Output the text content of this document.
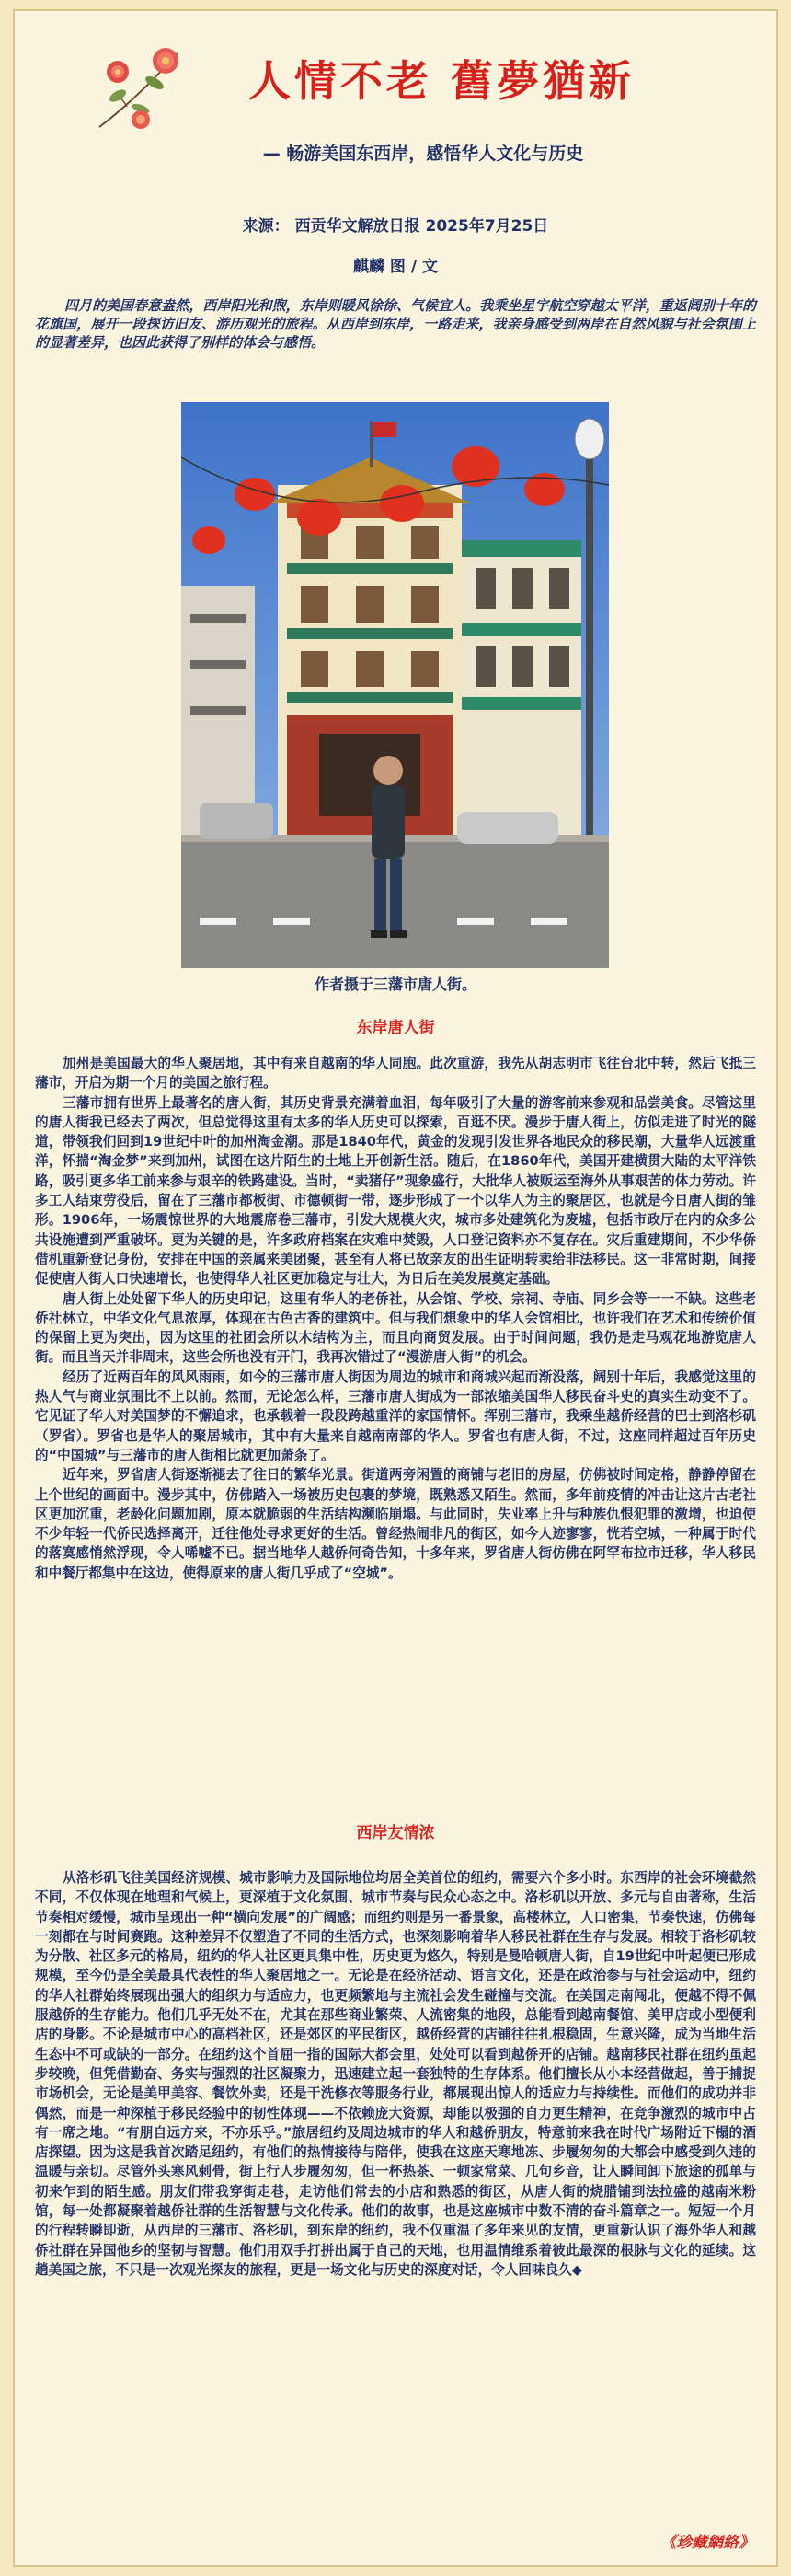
人情不老 舊夢猶新
— 畅游美国东西岸，感悟华人文化与历史
来源： 西贡华文解放日报 2025年7月25日
麒麟 图 / 文

四月的美国春意盎然，西岸阳光和煦，东岸则暖风徐徐、气候宜人。我乘坐星宇航空穿越太平洋，重返阔别十年的花旗国，展开一段探访旧友、游历观光的旅程。从西岸到东岸，一路走来，我亲身感受到两岸在自然风貌与社会氛围上的显著差异，也因此获得了别样的体会与感悟。

作者摄于三藩市唐人街。
东岸唐人街

加州是美国最大的华人聚居地，其中有来自越南的华人同胞。此次重游，我先从胡志明市飞往台北中转，然后飞抵三藩市，开启为期一个月的美国之旅行程。

三藩市拥有世界上最著名的唐人街，其历史背景充满着血泪，每年吸引了大量的游客前来参观和品尝美食。尽管这里的唐人街我已经去了两次，但总觉得这里有太多的华人历史可以探索，百逛不厌。漫步于唐人街上，仿似走进了时光的隧道，带领我们回到19世纪中叶的加州淘金潮。那是1840年代，黄金的发现引发世界各地民众的移民潮，大量华人远渡重洋，怀揣“淘金梦”来到加州，试图在这片陌生的土地上开创新生活。随后，在1860年代，美国开建横贯大陆的太平洋铁路，吸引更多华工前来参与艰辛的铁路建设。当时，“卖猪仔”现象盛行，大批华人被贩运至海外从事艰苦的体力劳动。许多工人结束劳役后，留在了三藩市都板街、市德顿街一带，逐步形成了一个以华人为主的聚居区，也就是今日唐人街的雏形。1906年，一场震惊世界的大地震席卷三藩市，引发大规模火灾，城市多处建筑化为废墟，包括市政厅在内的众多公共设施遭到严重破坏。更为关键的是，许多政府档案在灾难中焚毁，人口登记资料亦不复存在。灾后重建期间，不少华侨借机重新登记身份，安排在中国的亲属来美团聚，甚至有人将已故亲友的出生证明转卖给非法移民。这一非常时期，间接促使唐人街人口快速增长，也使得华人社区更加稳定与壮大，为日后在美发展奠定基础。

唐人街上处处留下华人的历史印记，这里有华人的老侨社，从会馆、学校、宗祠、寺庙、同乡会等一一不缺。这些老侨社林立，中华文化气息浓厚，体现在古色古香的建筑中。但与我们想象中的华人会馆相比，也许我们在艺术和传统价值的保留上更为突出，因为这里的社团会所以木结构为主，而且向商贸发展。由于时间问题，我仍是走马观花地游览唐人街。而且当天并非周末，这些会所也没有开门，我再次错过了“漫游唐人街”的机会。

经历了近两百年的风风雨雨，如今的三藩市唐人街因为周边的城市和商城兴起而渐没落，阔别十年后，我感觉这里的热人气与商业氛围比不上以前。然而，无论怎么样，三藩市唐人街成为一部浓缩美国华人移民奋斗史的真实生动变不了。它见证了华人对美国梦的不懈追求，也承载着一段段跨越重洋的家国情怀。挥别三藩市，我乘坐越侨经营的巴士到洛杉矶（罗省）。罗省也是华人的聚居城市，其中有大量来自越南南部的华人。罗省也有唐人街，不过，这座同样超过百年历史的“中国城”与三藩市的唐人街相比就更加萧条了。

近年来，罗省唐人街逐渐褪去了往日的繁华光景。街道两旁闲置的商铺与老旧的房屋，仿佛被时间定格，静静停留在上个世纪的画面中。漫步其中，仿佛踏入一场被历史包裹的梦境，既熟悉又陌生。然而，多年前疫情的冲击让这片古老社区更加沉重，老龄化问题加剧，原本就脆弱的生活结构濒临崩塌。与此同时，失业率上升与种族仇恨犯罪的激增，也迫使不少年轻一代侨民选择离开，迁往他处寻求更好的生活。曾经热闹非凡的街区，如今人迹寥寥，恍若空城，一种属于时代的落寞感悄然浮现，令人唏嘘不已。据当地华人越侨何奇告知，十多年来，罗省唐人街仿佛在阿罕布拉市迁移，华人移民和中餐厅都集中在这边，使得原来的唐人街几乎成了“空城”。

西岸友情浓

从洛杉矶飞往美国经济规模、城市影响力及国际地位均居全美首位的纽约，需要六个多小时。东西岸的社会环境截然不同，不仅体现在地理和气候上，更深植于文化氛围、城市节奏与民众心态之中。洛杉矶以开放、多元与自由著称，生活节奏相对缓慢，城市呈现出一种“横向发展”的广阔感；而纽约则是另一番景象，高楼林立，人口密集，节奏快速，仿佛每一刻都在与时间赛跑。这种差异不仅塑造了不同的生活方式，也深刻影响着华人移民社群在生存与发展。相较于洛杉矶较为分散、社区多元的格局，纽约的华人社区更具集中性，历史更为悠久，特别是曼哈顿唐人街，自19世纪中叶起便已形成规模，至今仍是全美最具代表性的华人聚居地之一。无论是在经济活动、语言文化，还是在政治参与与社会运动中，纽约的华人社群始终展现出强大的组织力与适应力，也更频繁地与主流社会发生碰撞与交流。在美国走南闯北，便越不得不佩服越侨的生存能力。他们几乎无处不在，尤其在那些商业繁荣、人流密集的地段，总能看到越南餐馆、美甲店或小型便利店的身影。不论是城市中心的高档社区，还是郊区的平民街区，越侨经营的店铺往往扎根稳固，生意兴隆，成为当地生活生态中不可或缺的一部分。在纽约这个首屈一指的国际大都会里，处处可以看到越侨开的店铺。越南移民社群在纽约虽起步较晚，但凭借勤奋、务实与强烈的社区凝聚力，迅速建立起一套独特的生存体系。他们擅长从小本经营做起，善于捕捉市场机会，无论是美甲美容、餐饮外卖，还是干洗修衣等服务行业，都展现出惊人的适应力与持续性。而他们的成功并非偶然，而是一种深植于移民经验中的韧性体现——不依赖庞大资源，却能以极强的自力更生精神，在竞争激烈的城市中占有一席之地。“有朋自远方来，不亦乐乎。”旅居纽约及周边城市的华人和越侨朋友，特意前来我在时代广场附近下榻的酒店探望。因为这是我首次踏足纽约，有他们的热情接待与陪伴，使我在这座天寒地冻、步履匆匆的大都会中感受到久违的温暖与亲切。尽管外头寒风刺骨，街上行人步履匆匆，但一杯热茶、一顿家常菜、几句乡音，让人瞬间卸下旅途的孤单与初来乍到的陌生感。朋友们带我穿街走巷，走访他们常去的小店和熟悉的街区，从唐人街的烧腊铺到法拉盛的越南米粉馆，每一处都凝聚着越侨社群的生活智慧与文化传承。他们的故事，也是这座城市中数不清的奋斗篇章之一。短短一个月的行程转瞬即逝，从西岸的三藩市、洛杉矶，到东岸的纽约，我不仅重温了多年来见的友情，更重新认识了海外华人和越侨社群在异国他乡的坚韧与智慧。他们用双手打拼出属于自己的天地，也用温情维系着彼此最深的根脉与文化的延续。这趟美国之旅，不只是一次观光探友的旅程，更是一场文化与历史的深度对话，令人回味良久◆

《珍藏網絡》
